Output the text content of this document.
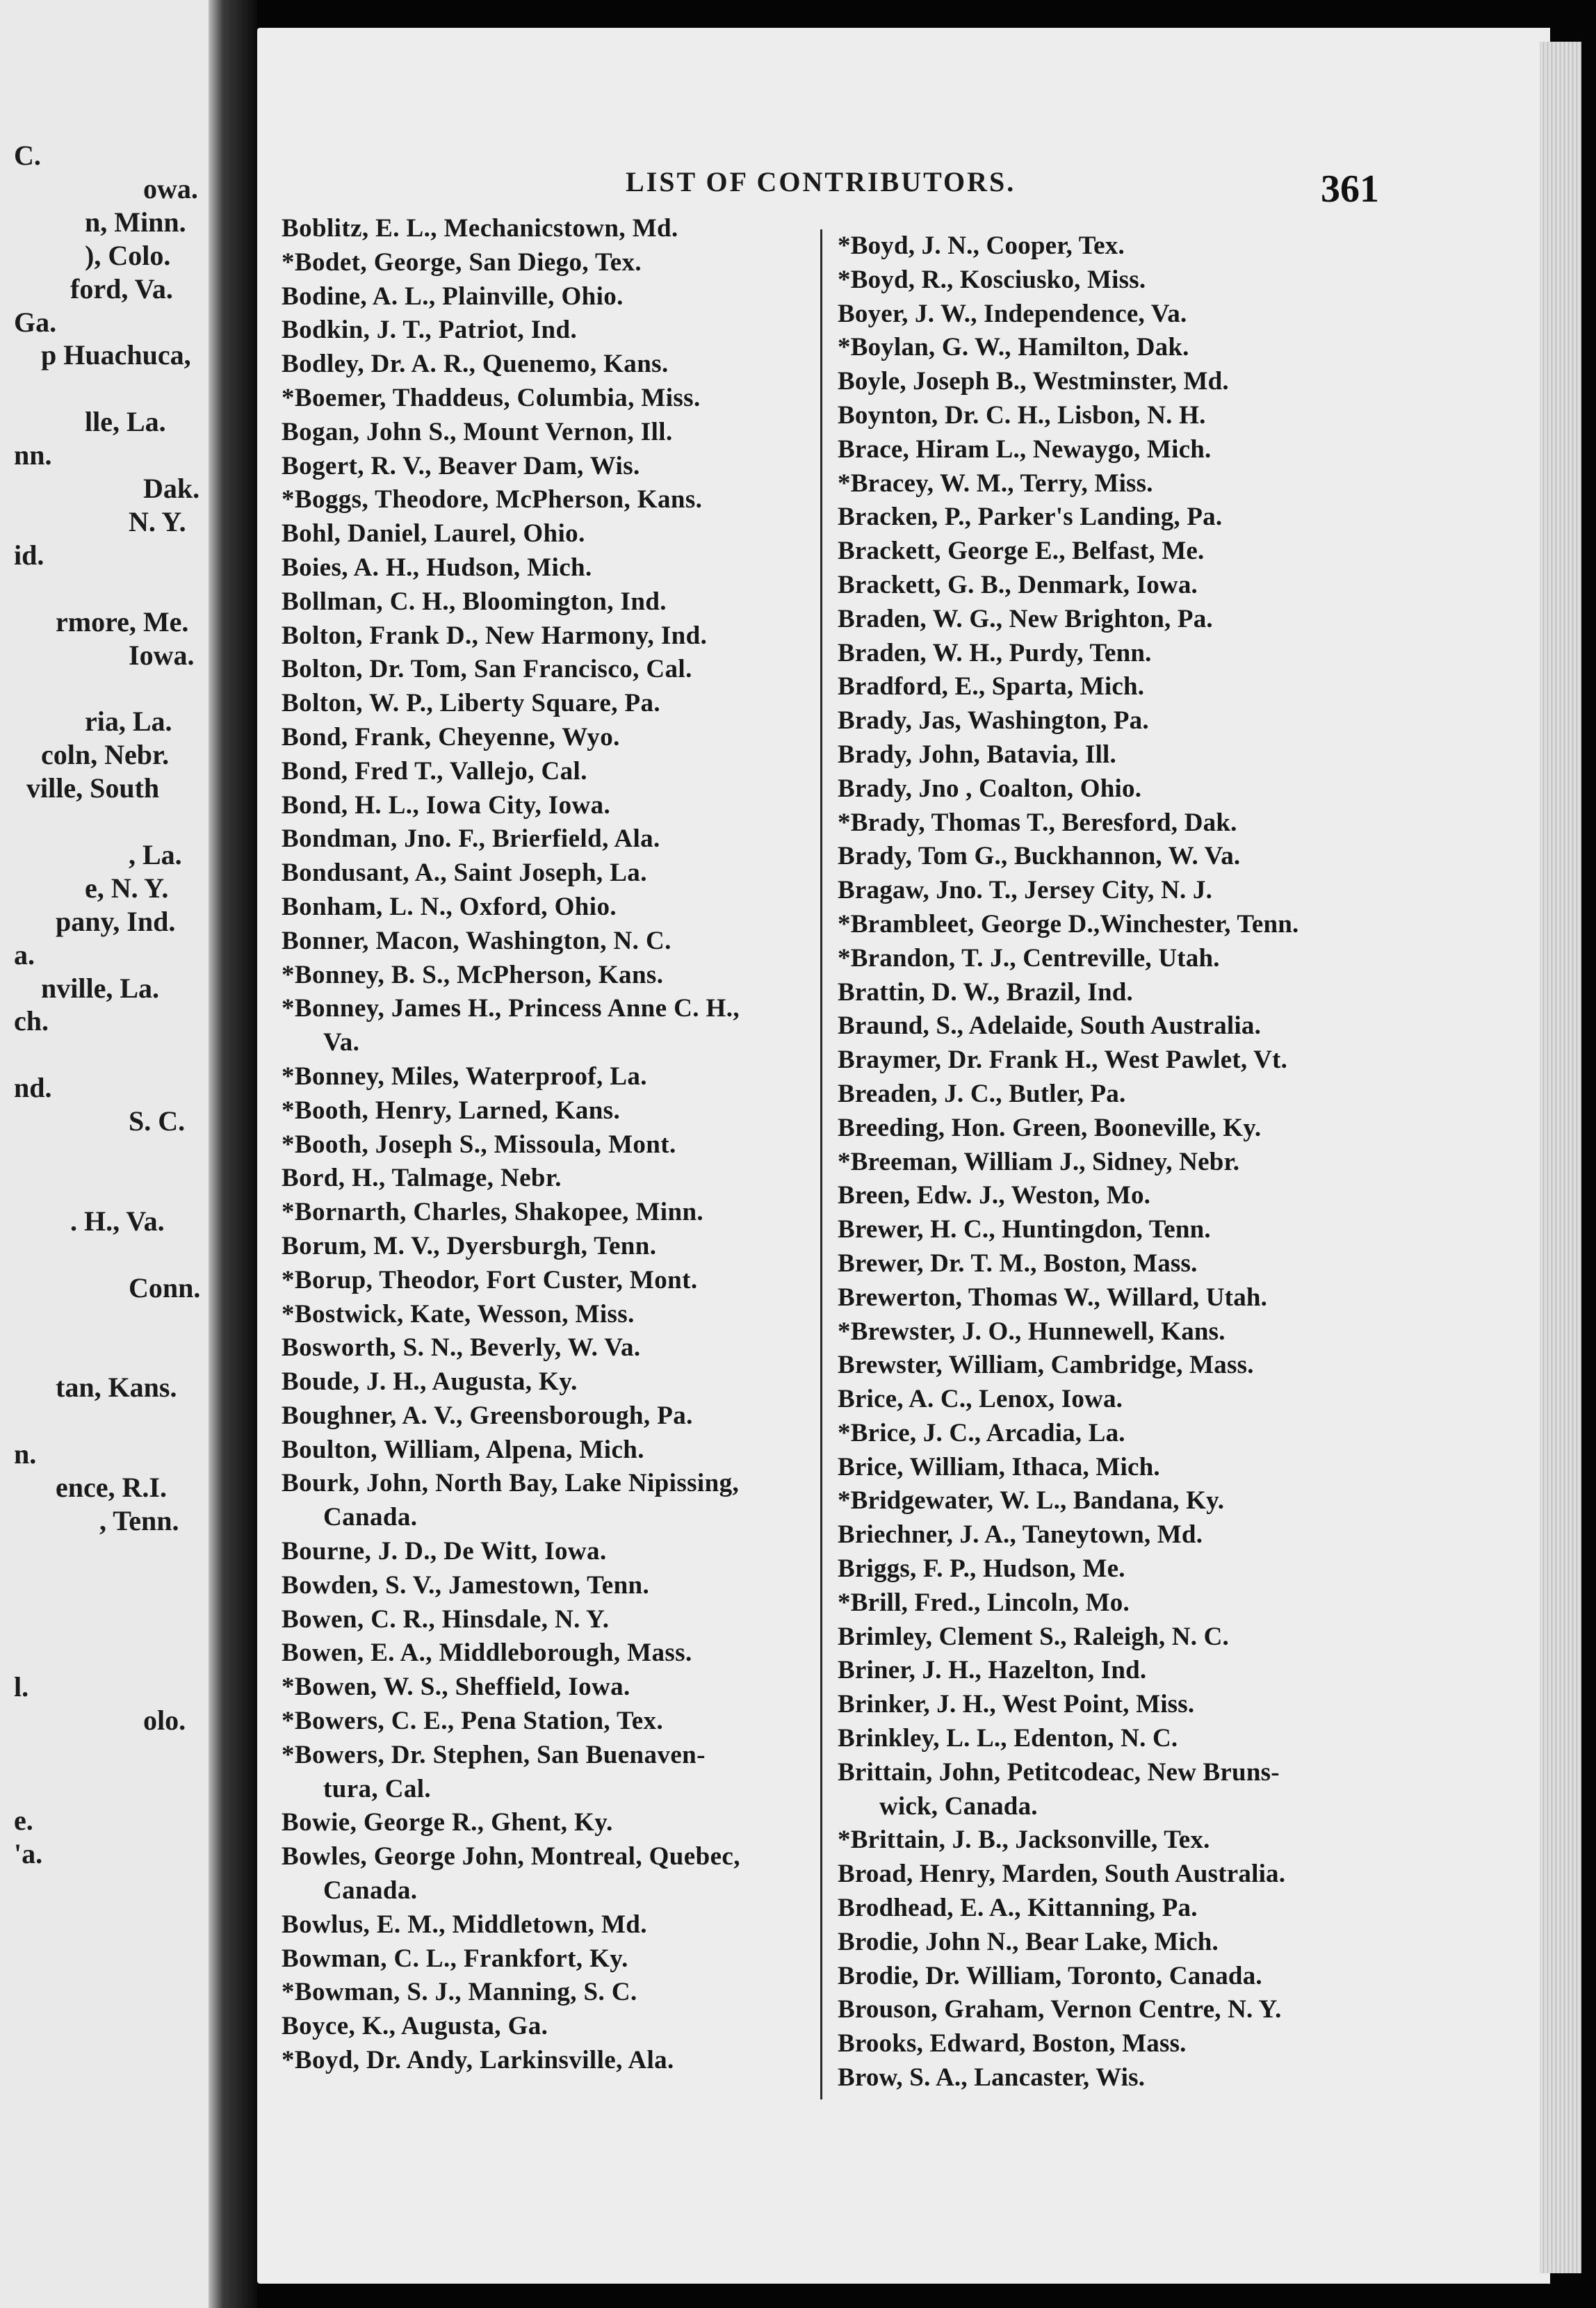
C.
owa.
n, Minn.
), Colo.
ford, Va.
Ga.
p Huachuca,
lle, La.
nn.
Dak.
N. Y.
id.
rmore, Me.
Iowa.
ria, La.
coln, Nebr.
ville, South
, La.
e, N. Y.
pany, Ind.
a.
nville, La.
ch.
nd.
S. C.
. H., Va.
Conn.
tan, Kans.
n.
ence, R.I.
, Tenn.
l.
olo.
e.
'a.
LIST OF CONTRIBUTORS.	361
Boblitz, E. L., Mechanicstown, Md.
*Bodet, George, San Diego, Tex.
Bodine, A. L., Plainville, Ohio.
Bodkin, J. T., Patriot, Ind.
Bodley, Dr. A. R., Quenemo, Kans.
*Boemer, Thaddeus, Columbia, Miss.
Bogan, John S., Mount Vernon, Ill.
Bogert, R. V., Beaver Dam, Wis.
*Boggs, Theodore, McPherson, Kans.
Bohl, Daniel, Laurel, Ohio.
Boies, A. H., Hudson, Mich.
Bollman, C. H., Bloomington, Ind.
Bolton, Frank D., New Harmony, Ind.
Bolton, Dr. Tom, San Francisco, Cal.
Bolton, W. P., Liberty Square, Pa.
Bond, Frank, Cheyenne, Wyo.
Bond, Fred T., Vallejo, Cal.
Bond, H. L., Iowa City, Iowa.
Bondman, Jno. F., Brierfield, Ala.
Bondusant, A., Saint Joseph, La.
Bonham, L. N., Oxford, Ohio.
Bonner, Macon, Washington, N. C.
*Bonney, B. S., McPherson, Kans.
*Bonney, James H., Princess Anne C. H.,
Va.
*Bonney, Miles, Waterproof, La.
*Booth, Henry, Larned, Kans.
*Booth, Joseph S., Missoula, Mont.
Bord, H., Talmage, Nebr.
*Bornarth, Charles, Shakopee, Minn.
Borum, M. V., Dyersburgh, Tenn.
*Borup, Theodor, Fort Custer, Mont.
*Bostwick, Kate, Wesson, Miss.
Bosworth, S. N., Beverly, W. Va.
Boude, J. H., Augusta, Ky.
Boughner, A. V., Greensborough, Pa.
Boulton, William, Alpena, Mich.
Bourk, John, North Bay, Lake Nipissing,
Canada.
Bourne, J. D., De Witt, Iowa.
Bowden, S. V., Jamestown, Tenn.
Bowen, C. R., Hinsdale, N. Y.
Bowen, E. A., Middleborough, Mass.
*Bowen, W. S., Sheffield, Iowa.
*Bowers, C. E., Pena Station, Tex.
*Bowers, Dr. Stephen, San Buenaven-
tura, Cal.
Bowie, George R., Ghent, Ky.
Bowles, George John, Montreal, Quebec,
Canada.
Bowlus, E. M., Middletown, Md.
Bowman, C. L., Frankfort, Ky.
*Bowman, S. J., Manning, S. C.
Boyce, K., Augusta, Ga.
*Boyd, Dr. Andy, Larkinsville, Ala.
*Boyd, J. N., Cooper, Tex.
*Boyd, R., Kosciusko, Miss.
Boyer, J. W., Independence, Va.
*Boylan, G. W., Hamilton, Dak.
Boyle, Joseph B., Westminster, Md.
Boynton, Dr. C. H., Lisbon, N. H.
Brace, Hiram L., Newaygo, Mich.
*Bracey, W. M., Terry, Miss.
Bracken, P., Parker's Landing, Pa.
Brackett, George E., Belfast, Me.
Brackett, G. B., Denmark, Iowa.
Braden, W. G., New Brighton, Pa.
Braden, W. H., Purdy, Tenn.
Bradford, E., Sparta, Mich.
Brady, Jas, Washington, Pa.
Brady, John, Batavia, Ill.
Brady, Jno , Coalton, Ohio.
*Brady, Thomas T., Beresford, Dak.
Brady, Tom G., Buckhannon, W. Va.
Bragaw, Jno. T., Jersey City, N. J.
*Brambleet, George D.,Winchester, Tenn.
*Brandon, T. J., Centreville, Utah.
Brattin, D. W., Brazil, Ind.
Braund, S., Adelaide, South Australia.
Braymer, Dr. Frank H., West Pawlet, Vt.
Breaden, J. C., Butler, Pa.
Breeding, Hon. Green, Booneville, Ky.
*Breeman, William J., Sidney, Nebr.
Breen, Edw. J., Weston, Mo.
Brewer, H. C., Huntingdon, Tenn.
Brewer, Dr. T. M., Boston, Mass.
Brewerton, Thomas W., Willard, Utah.
*Brewster, J. O., Hunnewell, Kans.
Brewster, William, Cambridge, Mass.
Brice, A. C., Lenox, Iowa.
*Brice, J. C., Arcadia, La.
Brice, William, Ithaca, Mich.
*Bridgewater, W. L., Bandana, Ky.
Briechner, J. A., Taneytown, Md.
Briggs, F. P., Hudson, Me.
*Brill, Fred., Lincoln, Mo.
Brimley, Clement S., Raleigh, N. C.
Briner, J. H., Hazelton, Ind.
Brinker, J. H., West Point, Miss.
Brinkley, L. L., Edenton, N. C.
Brittain, John, Petitcodeac, New Bruns-
wick, Canada.
*Brittain, J. B., Jacksonville, Tex.
Broad, Henry, Marden, South Australia.
Brodhead, E. A., Kittanning, Pa.
Brodie, John N., Bear Lake, Mich.
Brodie, Dr. William, Toronto, Canada.
Brouson, Graham, Vernon Centre, N. Y.
Brooks, Edward, Boston, Mass.
Brow, S. A., Lancaster, Wis.
